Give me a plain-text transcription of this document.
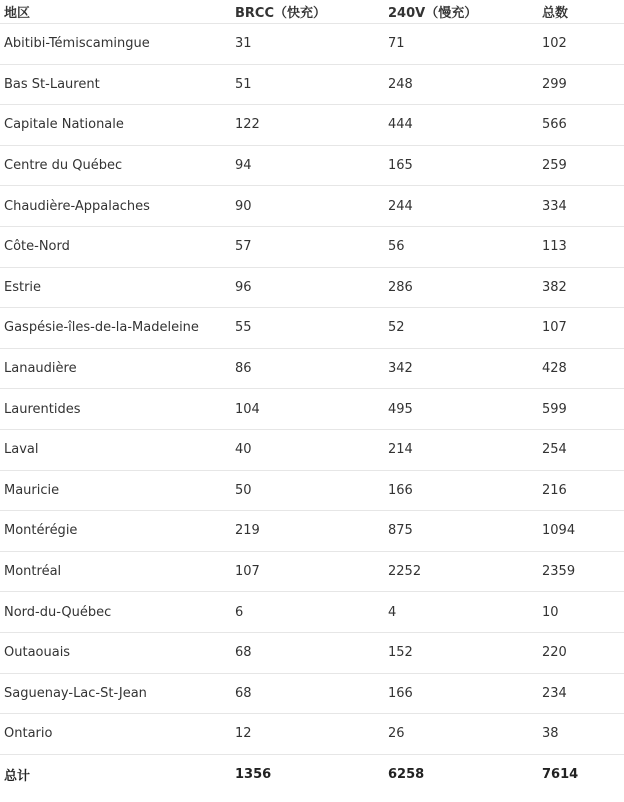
地区	BRCC（快充）	240V（慢充）	总数
Abitibi-Témiscamingue	31	71	102
Bas St-Laurent	51	248	299
Capitale Nationale	122	444	566
Centre du Québec	94	165	259
Chaudière-Appalaches	90	244	334
Côte-Nord	57	56	113
Estrie	96	286	382
Gaspésie-îles-de-la-Madeleine	55	52	107
Lanaudière	86	342	428
Laurentides	104	495	599
Laval	40	214	254
Mauricie	50	166	216
Montérégie	219	875	1094
Montréal	107	2252	2359
Nord-du-Québec	6	4	10
Outaouais	68	152	220
Saguenay-Lac-St-Jean	68	166	234
Ontario	12	26	38
总计	1356	6258	7614
